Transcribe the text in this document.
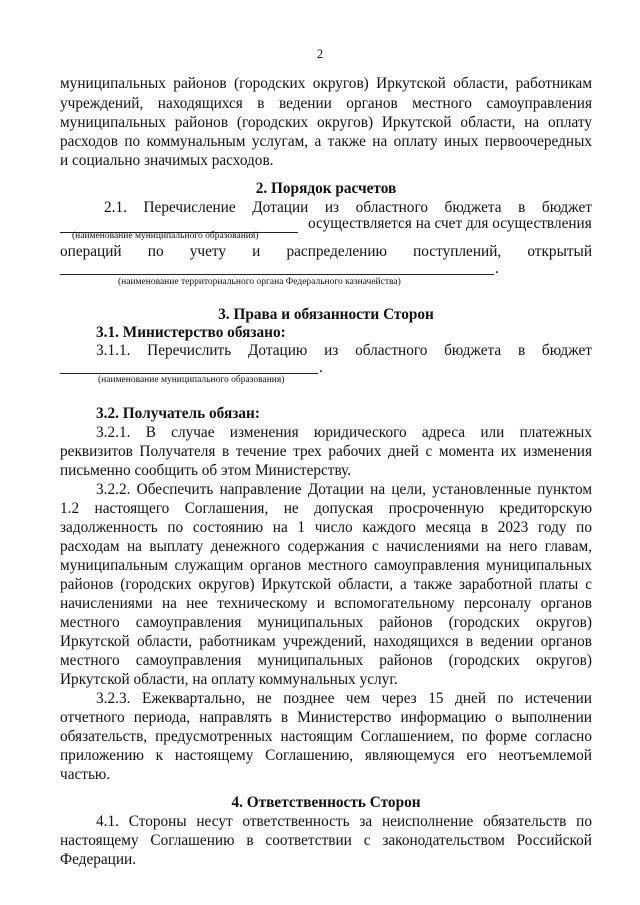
2
муниципальных районов (городских округов) Иркутской области, работникам
учреждений, находящихся в ведении органов местного самоуправления
муниципальных районов (городских округов) Иркутской области, на оплату
расходов по коммунальным услугам, а также на оплату иных первоочередных
и социально значимых расходов.
2. Порядок расчетов
2.1. Перечисление Дотации из областного бюджета в бюджет
осуществляется на счет для осуществления
(наименование муниципального образования)
операций по учету и распределению поступлений, открытый
.
(наименование территориального органа Федерального казначейства)
3. Права и обязанности Сторон
3.1. Министерство обязано:
3.1.1. Перечислить Дотацию из областного бюджета в бюджет
.
(наименование муниципального образования)
3.2. Получатель обязан:
3.2.1. В случае изменения юридического адреса или платежных
реквизитов Получателя в течение трех рабочих дней с момента их изменения
письменно сообщить об этом Министерству.
3.2.2. Обеспечить направление Дотации на цели, установленные пунктом
1.2 настоящего Соглашения, не допуская просроченную кредиторскую
задолженность по состоянию на 1 число каждого месяца в 2023 году по
расходам на выплату денежного содержания с начислениями на него главам,
муниципальным служащим органов местного самоуправления муниципальных
районов (городских округов) Иркутской области, а также заработной платы с
начислениями на нее техническому и вспомогательному персоналу органов
местного самоуправления муниципальных районов (городских округов)
Иркутской области, работникам учреждений, находящихся в ведении органов
местного самоуправления муниципальных районов (городских округов)
Иркутской области, на оплату коммунальных услуг.
3.2.3. Ежеквартально, не позднее чем через 15 дней по истечении
отчетного периода, направлять в Министерство информацию о выполнении
обязательств, предусмотренных настоящим Соглашением, по форме согласно
приложению к настоящему Соглашению, являющемуся его неотъемлемой
частью.
4. Ответственность Сторон
4.1. Стороны несут ответственность за неисполнение обязательств по
настоящему Соглашению в соответствии с законодательством Российской
Федерации.
